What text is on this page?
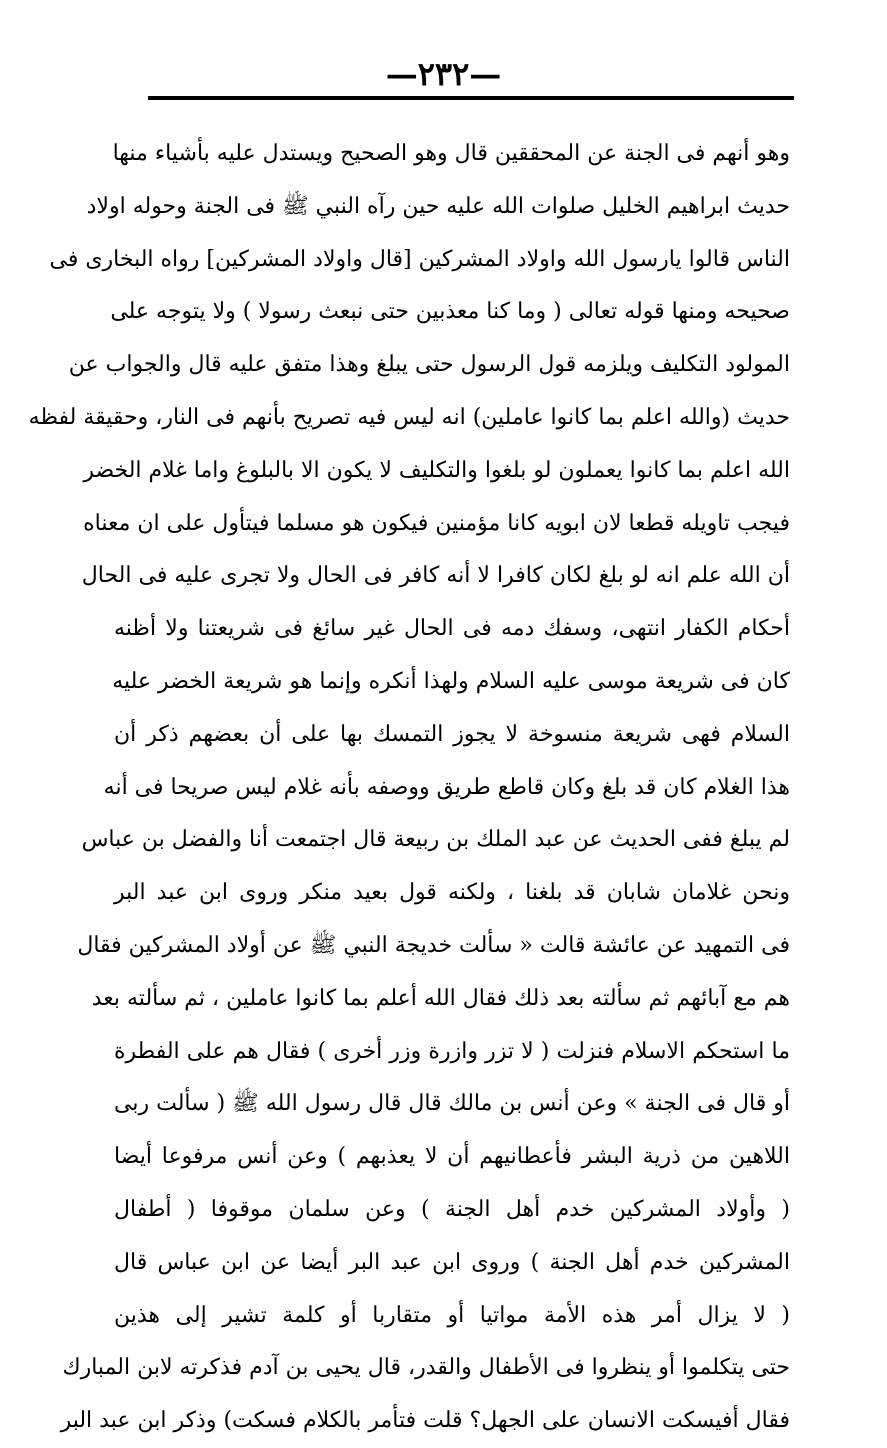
—٢٣٢—
وهو أنهم فى الجنة عن المحققين قال وهو الصحيح ويستدل عليه بأشياء منها
حديث ابراهيم الخليل صلوات الله عليه حين رآه النبي ﷺ فى الجنة وحوله اولاد
الناس قالوا يارسول الله واولاد المشركين [قال واولاد المشركين] رواه البخارى فى
صحيحه ومنها قوله تعالى ( وما كنا معذبين حتى نبعث رسولا ) ولا يتوجه على
المولود التكليف ويلزمه قول الرسول حتى يبلغ وهذا متفق عليه قال والجواب عن
حديث (والله اعلم بما كانوا عاملين) انه ليس فيه تصريح بأنهم فى النار، وحقيقة لفظه
الله اعلم بما كانوا يعملون لو بلغوا والتكليف لا يكون الا بالبلوغ واما غلام الخضر
فيجب تاويله قطعا لان ابويه كانا مؤمنين فيكون هو مسلما فيتأول على ان معناه
أن الله علم انه لو بلغ لكان كافرا لا أنه كافر فى الحال ولا تجرى عليه فى الحال
أحكام الكفار انتهى، وسفك دمه فى الحال غير سائغ فى شريعتنا ولا أظنه
كان فى شريعة موسى عليه السلام ولهذا أنكره وإنما هو شريعة الخضر عليه
السلام فهى شريعة منسوخة لا يجوز التمسك بها على أن بعضهم ذكر أن
هذا الغلام كان قد بلغ وكان قاطع طريق ووصفه بأنه غلام ليس صريحا فى أنه
لم يبلغ ففى الحديث عن عبد الملك بن ربيعة قال اجتمعت أنا والفضل بن عباس
ونحن غلامان شابان قد بلغنا ، ولكنه قول بعيد منكر وروى ابن عبد البر
فى التمهيد عن عائشة قالت « سألت خديجة النبي ﷺ عن أولاد المشركين فقال
هم مع آبائهم ثم سألته بعد ذلك فقال الله أعلم بما كانوا عاملين ، ثم سألته بعد
ما استحكم الاسلام فنزلت ( لا تزر وازرة وزر أخرى ) فقال هم على الفطرة
أو قال فى الجنة » وعن أنس بن مالك قال قال رسول الله ﷺ ( سألت ربى
اللاهين من ذرية البشر فأعطانيهم أن لا يعذبهم ) وعن أنس مرفوعا أيضا
( وأولاد المشركين خدم أهل الجنة ) وعن سلمان موقوفا ( أطفال
المشركين خدم أهل الجنة ) وروى ابن عبد البر أيضا عن ابن عباس قال
( لا يزال أمر هذه الأمة مواتيا أو متقاربا أو كلمة تشير إلى هذين
حتى يتكلموا أو ينظروا فى الأطفال والقدر، قال يحيى بن آدم فذكرته لابن المبارك
فقال أفيسكت الانسان على الجهل؟ قلت فتأمر بالكلام فسكت) وذكر ابن عبد البر
